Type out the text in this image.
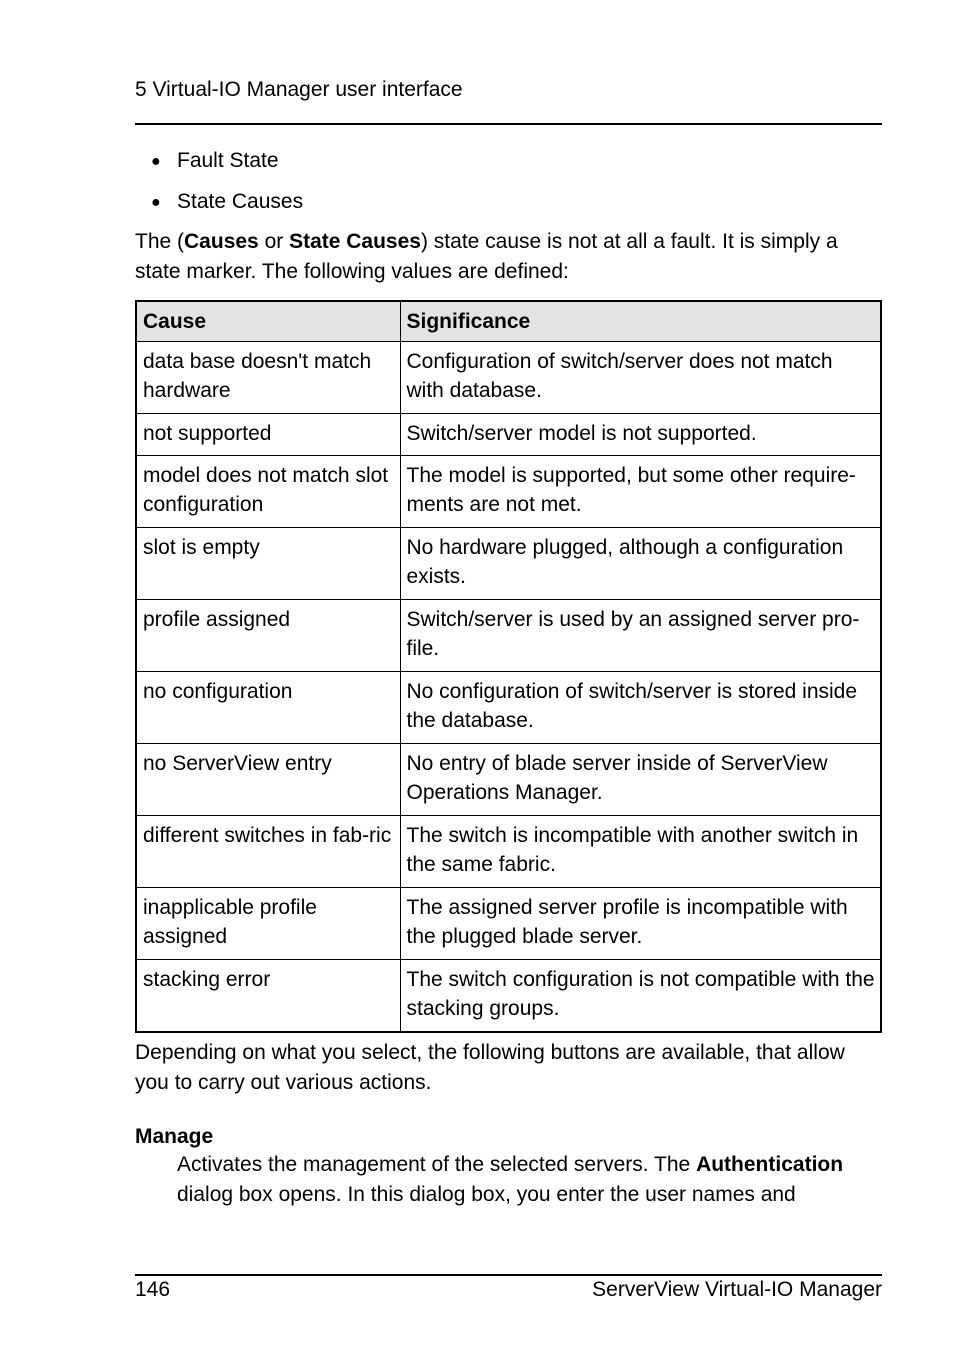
5 Virtual-IO Manager user interface
● Fault State
● State Causes

The (Causes or State Causes) state cause is not at all a fault. It is simply a state marker. The following values are defined:

Cause	Significance
data base doesn't match hardware	Configuration of switch/server does not match with database.
not supported	Switch/server model is not supported.
model does not match slot configuration	The model is supported, but some other require-ments are not met.
slot is empty	No hardware plugged, although a configuration exists.
profile assigned	Switch/server is used by an assigned server pro-file.
no configuration	No configuration of switch/server is stored inside the database.
no ServerView entry	No entry of blade server inside of ServerView Operations Manager.
different switches in fab-ric	The switch is incompatible with another switch in the same fabric.
inapplicable profile assigned	The assigned server profile is incompatible with the plugged blade server.
stacking error	The switch configuration is not compatible with the stacking groups.

Depending on what you select, the following buttons are available, that allow you to carry out various actions.

Manage

Activates the management of the selected servers. The Authentication dialog box opens. In this dialog box, you enter the user names and

146	ServerView Virtual-IO Manager
